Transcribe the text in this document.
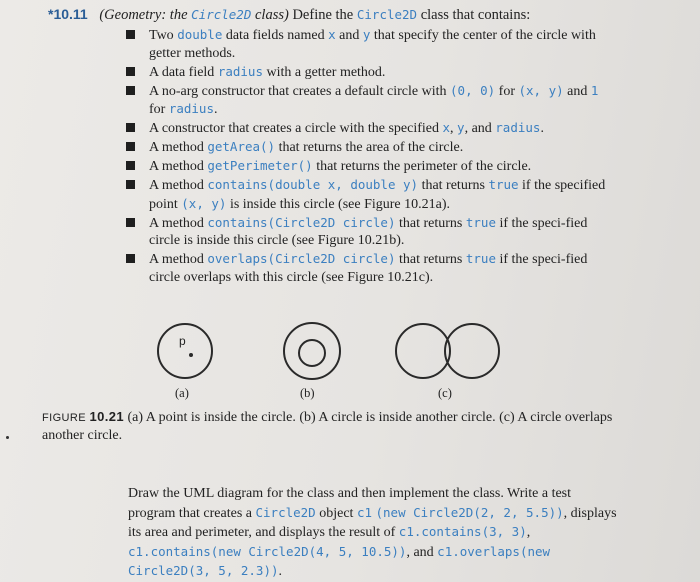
*10.11 (Geometry: the Circle2D class) Define the Circle2D class that contains:
Two double data fields named x and y that specify the center of the circle with getter methods.
A data field radius with a getter method.
A no-arg constructor that creates a default circle with (0, 0) for (x, y) and 1 for radius.
A constructor that creates a circle with the specified x, y, and radius.
A method getArea() that returns the area of the circle.
A method getPerimeter() that returns the perimeter of the circle.
A method contains(double x, double y) that returns true if the specified point (x, y) is inside this circle (see Figure 10.21a).
A method contains(Circle2D circle) that returns true if the speci-fied circle is inside this circle (see Figure 10.21b).
A method overlaps(Circle2D circle) that returns true if the speci-fied circle overlaps with this circle (see Figure 10.21c).
p
(a)	(b)	(c)
FIGURE 10.21 (a) A point is inside the circle. (b) A circle is inside another circle. (c) A circle overlaps another circle.
Draw the UML diagram for the class and then implement the class. Write a test program that creates a Circle2D object c1 (new Circle2D(2, 2, 5.5)), displays its area and perimeter, and displays the result of c1.contains(3, 3), c1.contains(new Circle2D(4, 5, 10.5)), and c1.overlaps(new Circle2D(3, 5, 2.3)).
